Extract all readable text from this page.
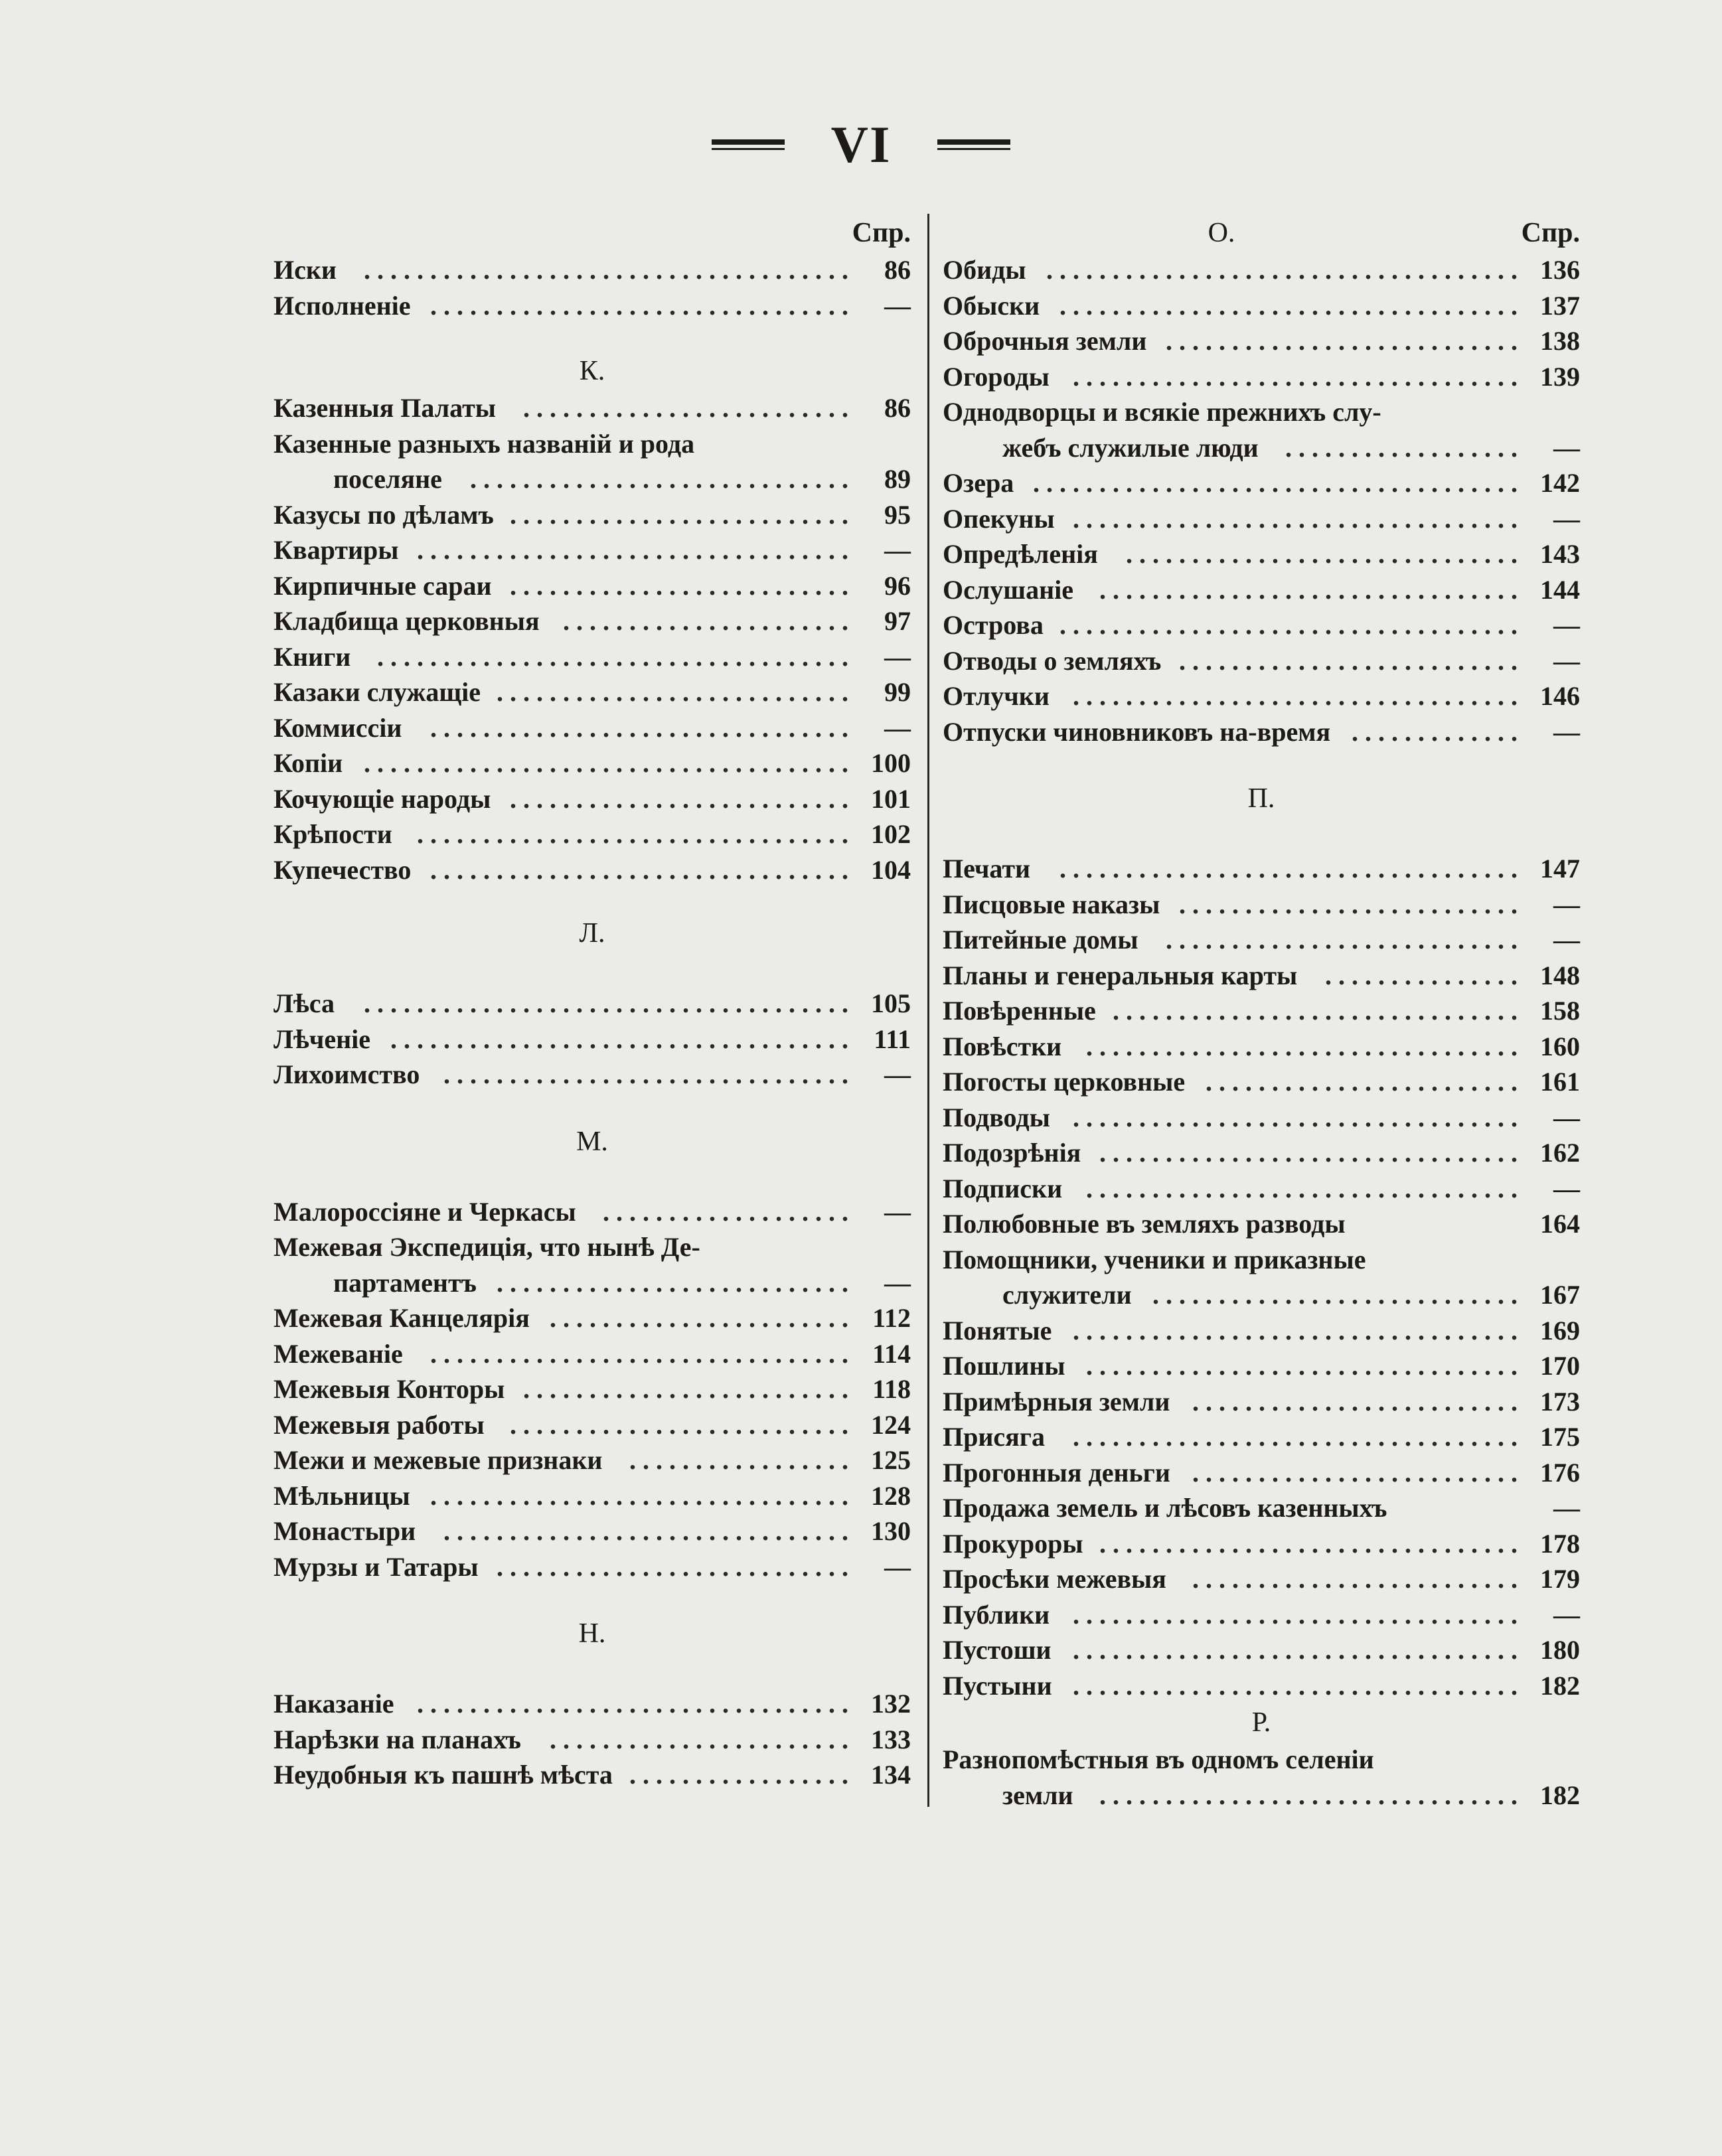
VI
Спр.
Иски	. . . . . . . . . . . . . . . . . . . . . . . . . . . . . . . . . . . . .	86
Исполненіе . . . . . . . . . . . . . . . . . . . . . . . . . . . . . . . .	—
К.
Казенныя Палаты	. . . . . . . . . . . . . . . . . . . . . . . . .	86
Казенные разныхъ названій и рода
поселяне	. . . . . . . . . . . . . . . . . . . . . . . . . . . . .	89
Казусы по дѣламъ . . . . . . . . . . . . . . . . . . . . . . . . . .	95
Квартиры . . . . . . . . . . . . . . . . . . . . . . . . . . . . . . . . .	—
Кирпичные сараи . . . . . . . . . . . . . . . . . . . . . . . . . .	96
Кладбища церковныя . . . . . . . . . . . . . . . . . . . . . .	97
Книги . . . . . . . . . . . . . . . . . . . . . . . . . . . . . . . . . . . .	—
Казаки служащіе . . . . . . . . . . . . . . . . . . . . . . . . . . .	99
Коммиссіи	. . . . . . . . . . . . . . . . . . . . . . . . . . . . . . . .	—
Копіи . . . . . . . . . . . . . . . . . . . . . . . . . . . . . . . . . . . . . 100
Кочующіе народы . . . . . . . . . . . . . . . . . . . . . . . . . . 101
Крѣпости . . . . . . . . . . . . . . . . . . . . . . . . . . . . . . . . . 102
Купечество . . . . . . . . . . . . . . . . . . . . . . . . . . . . . . . . 104
Л.
Лѣса	. . . . . . . . . . . . . . . . . . . . . . . . . . . . . . . . . . . . . 105
Лѣченіе . . . . . . . . . . . . . . . . . . . . . . . . . . . . . . . . . . . 111
Лихоимство . . . . . . . . . . . . . . . . . . . . . . . . . . . . . . .	—
М.
Малороссіяне и Черкасы	. . . . . . . . . . . . . . . . . . .	—
Межевая Экспедиція, что нынѣ Де-
партаментъ . . . . . . . . . . . . . . . . . . . . . . . . . . .	—
Межевая Канцелярія . . . . . . . . . . . . . . . . . . . . . . . 112
Межеваніе	. . . . . . . . . . . . . . . . . . . . . . . . . . . . . . . . 114
Межевыя Конторы . . . . . . . . . . . . . . . . . . . . . . . . . 118
Межевыя работы . . . . . . . . . . . . . . . . . . . . . . . . . . 124
Межи и межевые признаки	. . . . . . . . . . . . . . . . . 125
Мѣльницы . . . . . . . . . . . . . . . . . . . . . . . . . . . . . . . . 128
Монастыри	. . . . . . . . . . . . . . . . . . . . . . . . . . . . . . . 130
Мурзы и Татары . . . . . . . . . . . . . . . . . . . . . . . . . . .	—
Н.
Наказаніе . . . . . . . . . . . . . . . . . . . . . . . . . . . . . . . . . 132
Нарѣзки на планахъ	. . . . . . . . . . . . . . . . . . . . . . . 133
Неудобныя къ пашнѣ мѣста . . . . . . . . . . . . . . . . . 134
О.	Спр.
Обиды . . . . . . . . . . . . . . . . . . . . . . . . . . . . . . . . . . . . 136
Обыски . . . . . . . . . . . . . . . . . . . . . . . . . . . . . . . . . . . 137
Оброчныя земли . . . . . . . . . . . . . . . . . . . . . . . . . . . 138
Огороды . . . . . . . . . . . . . . . . . . . . . . . . . . . . . . . . . . 139
Однодворцы и всякіе прежнихъ слу-
жебъ служилые люди	. . . . . . . . . . . . . . . . . .	—
Озера . . . . . . . . . . . . . . . . . . . . . . . . . . . . . . . . . . . . . 142
Опекуны . . . . . . . . . . . . . . . . . . . . . . . . . . . . . . . . . .	—
Опредѣленія	. . . . . . . . . . . . . . . . . . . . . . . . . . . . . . 143
Ослушаніе . . . . . . . . . . . . . . . . . . . . . . . . . . . . . . . . 144
Острова . . . . . . . . . . . . . . . . . . . . . . . . . . . . . . . . . . .	—
Отводы о земляхъ . . . . . . . . . . . . . . . . . . . . . . . . . .	—
Отлучки . . . . . . . . . . . . . . . . . . . . . . . . . . . . . . . . . . 146
Отпуски чиновниковъ на-время . . . . . . . . . . . . .	—
П.
Печати	. . . . . . . . . . . . . . . . . . . . . . . . . . . . . . . . . . . 147
Писцовые наказы . . . . . . . . . . . . . . . . . . . . . . . . . .	—
Питейные домы	. . . . . . . . . . . . . . . . . . . . . . . . . . .	—
Планы и генеральныя карты	. . . . . . . . . . . . . . . 148
Повѣренные . . . . . . . . . . . . . . . . . . . . . . . . . . . . . . . 158
Повѣстки . . . . . . . . . . . . . . . . . . . . . . . . . . . . . . . . . 160
Погосты церковные . . . . . . . . . . . . . . . . . . . . . . . . 161
Подводы . . . . . . . . . . . . . . . . . . . . . . . . . . . . . . . . . .	—
Подозрѣнія . . . . . . . . . . . . . . . . . . . . . . . . . . . . . . . . 162
Подписки . . . . . . . . . . . . . . . . . . . . . . . . . . . . . . . . .	—
Полюбовные въ земляхъ разводы	164
Помощники, ученики и приказные
служители . . . . . . . . . . . . . . . . . . . . . . . . . . . . 167
Понятые . . . . . . . . . . . . . . . . . . . . . . . . . . . . . . . . . . 169
Пошлины . . . . . . . . . . . . . . . . . . . . . . . . . . . . . . . . . 170
Примѣрныя земли . . . . . . . . . . . . . . . . . . . . . . . . . 173
Присяга	. . . . . . . . . . . . . . . . . . . . . . . . . . . . . . . . . . 175
Прогонныя деньги . . . . . . . . . . . . . . . . . . . . . . . . . 176
Продажа земель и лѣсовъ казенныхъ	—
Прокуроры . . . . . . . . . . . . . . . . . . . . . . . . . . . . . . . . 178
Просѣки межевыя . . . . . . . . . . . . . . . . . . . . . . . . . 179
Публики . . . . . . . . . . . . . . . . . . . . . . . . . . . . . . . . . .	—
Пустоши . . . . . . . . . . . . . . . . . . . . . . . . . . . . . . . . . . 180
Пустыни . . . . . . . . . . . . . . . . . . . . . . . . . . . . . . . . . . 182
Р.
Разнопомѣстныя въ одномъ селеніи
земли . . . . . . . . . . . . . . . . . . . . . . . . . . . . . . . . 182
